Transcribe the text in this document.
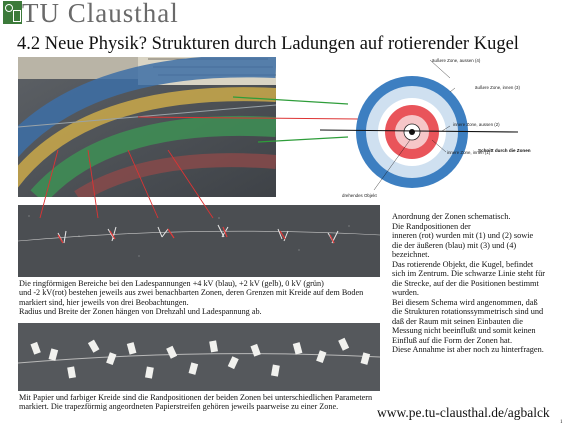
TU Clausthal
4.2 Neue Physik? Strukturen durch Ladungen auf rotierender Kugel
äußere Zone, aussen (4)
äußere Zone, innen (3)
innere Zone, aussen (2)
innere Zone, innen (1)
Schnitt durch die Zonen
drehendes Objekt
Die ringförmigen Bereiche bei den Ladespannungen +4 kV (blau), +2 kV (gelb), 0 kV (grün)
und -2 kV(rot) bestehen jeweils aus zwei benachbarten Zonen, deren Grenzen mit Kreide auf dem Boden markiert sind, hier jeweils von drei Beobachtungen.
Radius und Breite der Zonen hängen von Drehzahl und Ladespannung ab.
Mit Papier und farbiger Kreide sind die Randpositionen der beiden Zonen bei unterschiedlichen Parametern markiert. Die trapezförmig angeordneten Papierstreifen gehören jeweils paarweise zu einer Zone.
Anordnung der Zonen schematisch.
Die Randpositionen der
inneren (rot) wurden mit (1) und (2) sowie
die der äußeren (blau) mit (3) und (4)
bezeichnet.
Das rotierende Objekt, die Kugel, befindet
sich im Zentrum. Die schwarze Linie steht für
die Strecke, auf der die Positionen bestimmt
wurden.
Bei diesem Schema wird angenommen, daß
die Strukturen rotationssymmetrisch sind und
daß der Raum mit seinen Einbauten die
Messung nicht beeinflußt und somit keinen
Einfluß auf die Form der Zonen hat.
Diese Annahme ist aber noch zu hinterfragen.
www.pe.tu-clausthal.de/agbalck
1
